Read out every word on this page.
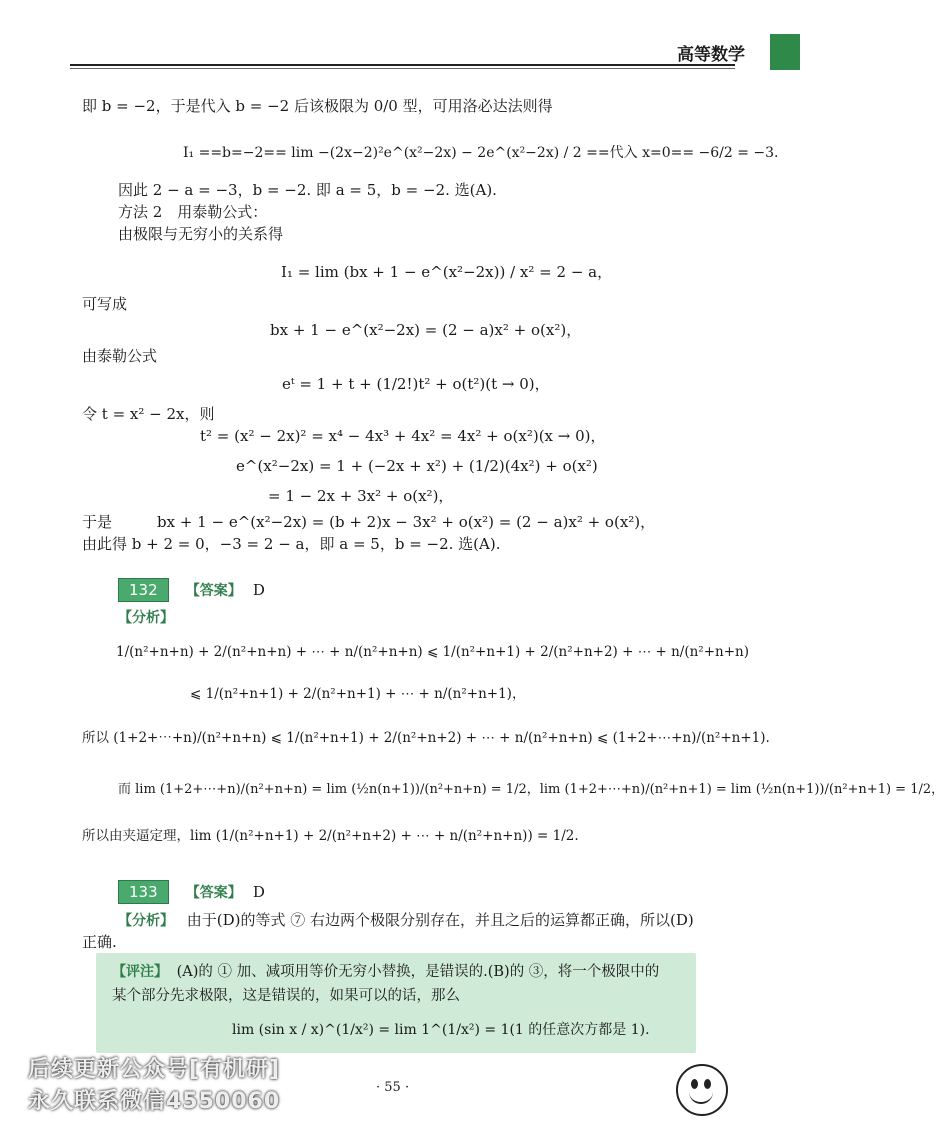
高等数学
即 b = −2，于是代入 b = −2 后该极限为 0/0 型，可用洛必达法则得
I₁ ==b=−2== lim −(2x−2)²e^(x²−2x) − 2e^(x²−2x) / 2 ==代入 x=0== −6/2 = −3.
因此 2 − a = −3，b = −2. 即 a = 5，b = −2. 选(A).
方法 2　用泰勒公式：
由极限与无穷小的关系得
I₁ = lim (bx + 1 − e^(x²−2x)) / x² = 2 − a，
可写成
bx + 1 − e^(x²−2x) = (2 − a)x² + o(x²)，
由泰勒公式
eᵗ = 1 + t + (1/2!)t² + o(t²)(t → 0)，
令 t = x² − 2x，则
t² = (x² − 2x)² = x⁴ − 4x³ + 4x² = 4x² + o(x²)(x → 0)，
e^(x²−2x) = 1 + (−2x + x²) + (1/2)(4x²) + o(x²)
= 1 − 2x + 3x² + o(x²)，
于是　　　bx + 1 − e^(x²−2x) = (b + 2)x − 3x² + o(x²) = (2 − a)x² + o(x²)，
由此得 b + 2 = 0，−3 = 2 − a，即 a = 5，b = −2. 选(A).
132 【答案】 D
【分析】
1/(n²+n+n) + 2/(n²+n+n) + ⋯ + n/(n²+n+n) ⩽ 1/(n²+n+1) + 2/(n²+n+2) + ⋯ + n/(n²+n+n)
⩽ 1/(n²+n+1) + 2/(n²+n+1) + ⋯ + n/(n²+n+1)，
所以 (1+2+⋯+n)/(n²+n+n) ⩽ 1/(n²+n+1) + 2/(n²+n+2) + ⋯ + n/(n²+n+n) ⩽ (1+2+⋯+n)/(n²+n+1).
而 lim (1+2+⋯+n)/(n²+n+n) = lim (½n(n+1))/(n²+n+n) = 1/2，lim (1+2+⋯+n)/(n²+n+1) = lim (½n(n+1))/(n²+n+1) = 1/2，
所以由夹逼定理，lim (1/(n²+n+1) + 2/(n²+n+2) + ⋯ + n/(n²+n+n)) = 1/2.
133 【答案】 D
【分析】 由于(D)的等式 ⑦ 右边两个极限分别存在，并且之后的运算都正确，所以(D)
正确.
【评注】 (A)的 ① 加、减项用等价无穷小替换，是错误的.(B)的 ③，将一个极限中的
某个部分先求极限，这是错误的，如果可以的话，那么
lim (sin x / x)^(1/x²) = lim 1^(1/x²) = 1(1 的任意次方都是 1).
· 55 ·
后续更新公众号[有机研]
永久联系微信4550060
